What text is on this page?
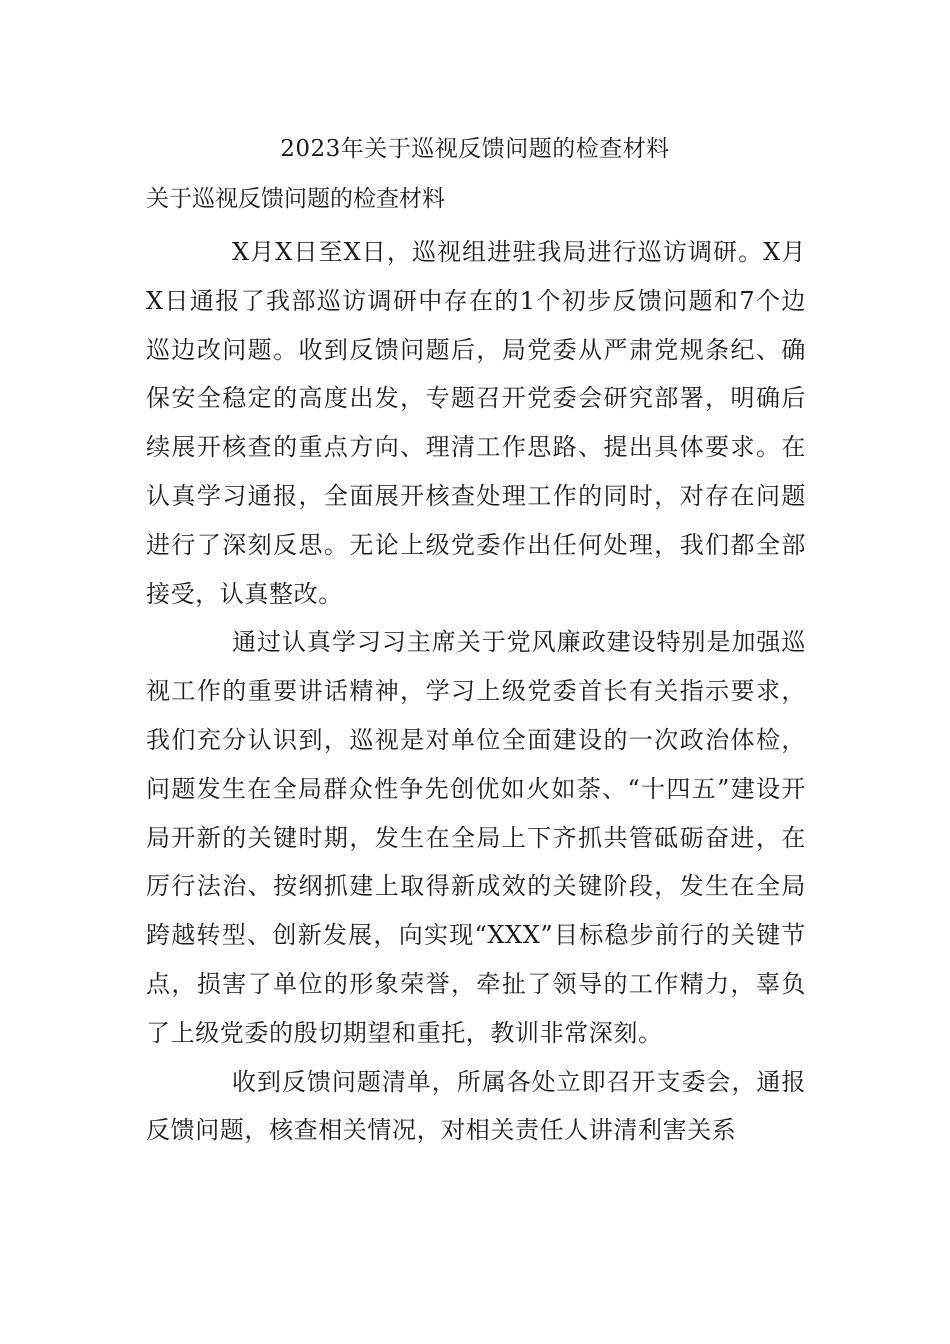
2023年关于巡视反馈问题的检查材料
关于巡视反馈问题的检查材料

X月X日至X日，巡视组进驻我局进行巡访调研。X月X日通报了我部巡访调研中存在的1个初步反馈问题和7个边巡边改问题。收到反馈问题后，局党委从严肃党规条纪、确保安全稳定的高度出发，专题召开党委会研究部署，明确后续展开核查的重点方向、理清工作思路、提出具体要求。在认真学习通报，全面展开核查处理工作的同时，对存在问题进行了深刻反思。无论上级党委作出任何处理，我们都全部接受，认真整改。

通过认真学习习主席关于党风廉政建设特别是加强巡视工作的重要讲话精神，学习上级党委首长有关指示要求，我们充分认识到，巡视是对单位全面建设的一次政治体检，问题发生在全局群众性争先创优如火如荼、“十四五”建设开局开新的关键时期，发生在全局上下齐抓共管砥砺奋进，在厉行法治、按纲抓建上取得新成效的关键阶段，发生在全局跨越转型、创新发展，向实现“XXX”目标稳步前行的关键节点，损害了单位的形象荣誉，牵扯了领导的工作精力，辜负了上级党委的殷切期望和重托，教训非常深刻。

收到反馈问题清单，所属各处立即召开支委会，通报反馈问题，核查相关情况，对相关责任人讲清利害关系
